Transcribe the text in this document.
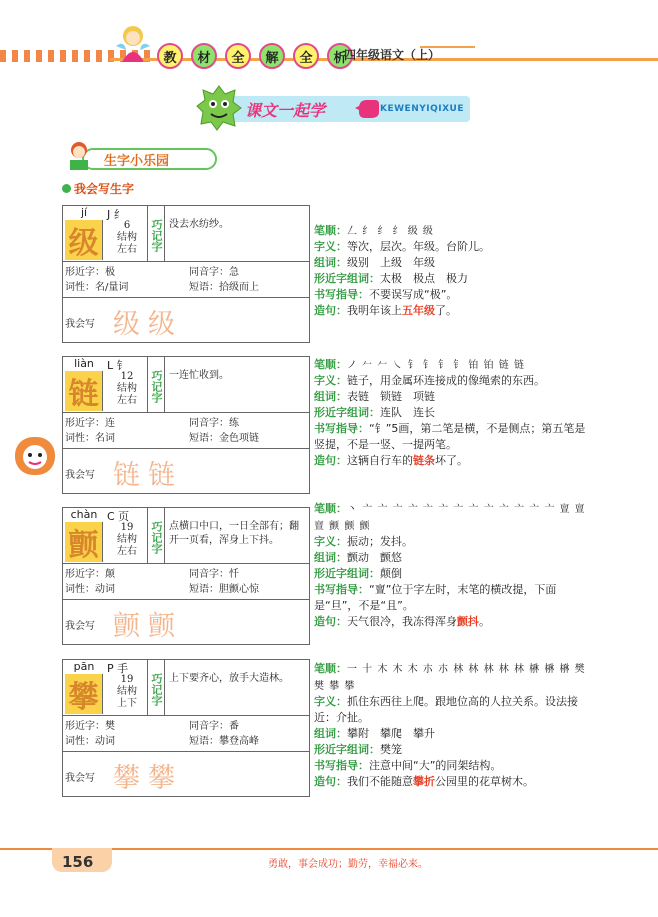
教	材	全	解	全	析
四年级语文（上）
课文一起学	KEWENYIQIXUE
生字小乐园
我会写生字
jí	J 纟
级
6
结构
左右	巧记字 没去水纺纱。
形近字：极	同音字：急
词性：名/量词	短语：拾级而上
我会写 级级
liàn	L 钅
链
12
结构
左右	巧记字 一连忙收到。
形近字：连	同音字：练
词性：名词	短语：金色项链
我会写 链链
chàn C 页
颤
19
结构
左右	巧记字 点横口中口，一日全部有；翻开一页看，浑身上下抖。
形近字：颠	同音字：忏
词性：动词	短语：胆颤心惊
我会写 颤颤
pān	P 手
攀
19
结构
上下	巧记字 上下要齐心，放手大造林。
形近字：樊	同音字：番
词性：动词	短语：攀登高峰
我会写 攀攀
笔顺：𠃋 纟 纟 纟 级 级
字义：等次，层次。年级。台阶儿。
组词：级别　上级　年级
形近字组词：太极　极点　极力
书写指导：不要误写成“极”。
造句：我明年该上五年级了。
笔顺：ノ 𠂉 𠂉 ㇏ 钅 钅 钅 钅 铂 铂 链 链
字义：链子，用金属环连接成的像绳索的东西。
组词：表链　锁链　项链
形近字组词：连队　连长
书写指导：“钅”5画，第二笔是横，不是侧点；第五笔是竖提，不是一竖、一提两笔。
造句：这辆自行车的链条坏了。
笔顺：丶 亠 亠 亠 亠 亠 亠 亠 亠 亠 亠 亠 亠 亠 亶 亶 亶 颤 颤 颤
字义：振动；发抖。
组词：颤动　颤悠
形近字组词：颠倒
书写指导：“亶”位于字左时，末笔的横改提，下面是“旦”，不是“且”。
造句：天气很冷，我冻得浑身颤抖。
笔顺：一 十 木 木 木 朩 朩 林 林 林 林 林 楙 楙 楙 樊 樊 攀 攀
字义：抓住东西往上爬。跟地位高的人拉关系。设法接近：介扯。
组词：攀附　攀爬　攀升
形近字组词：樊笼
书写指导：注意中间“大”的同架结构。
造句：我们不能随意攀折公园里的花草树木。
156	勇敢，事会成功；勤劳，幸福必来。
